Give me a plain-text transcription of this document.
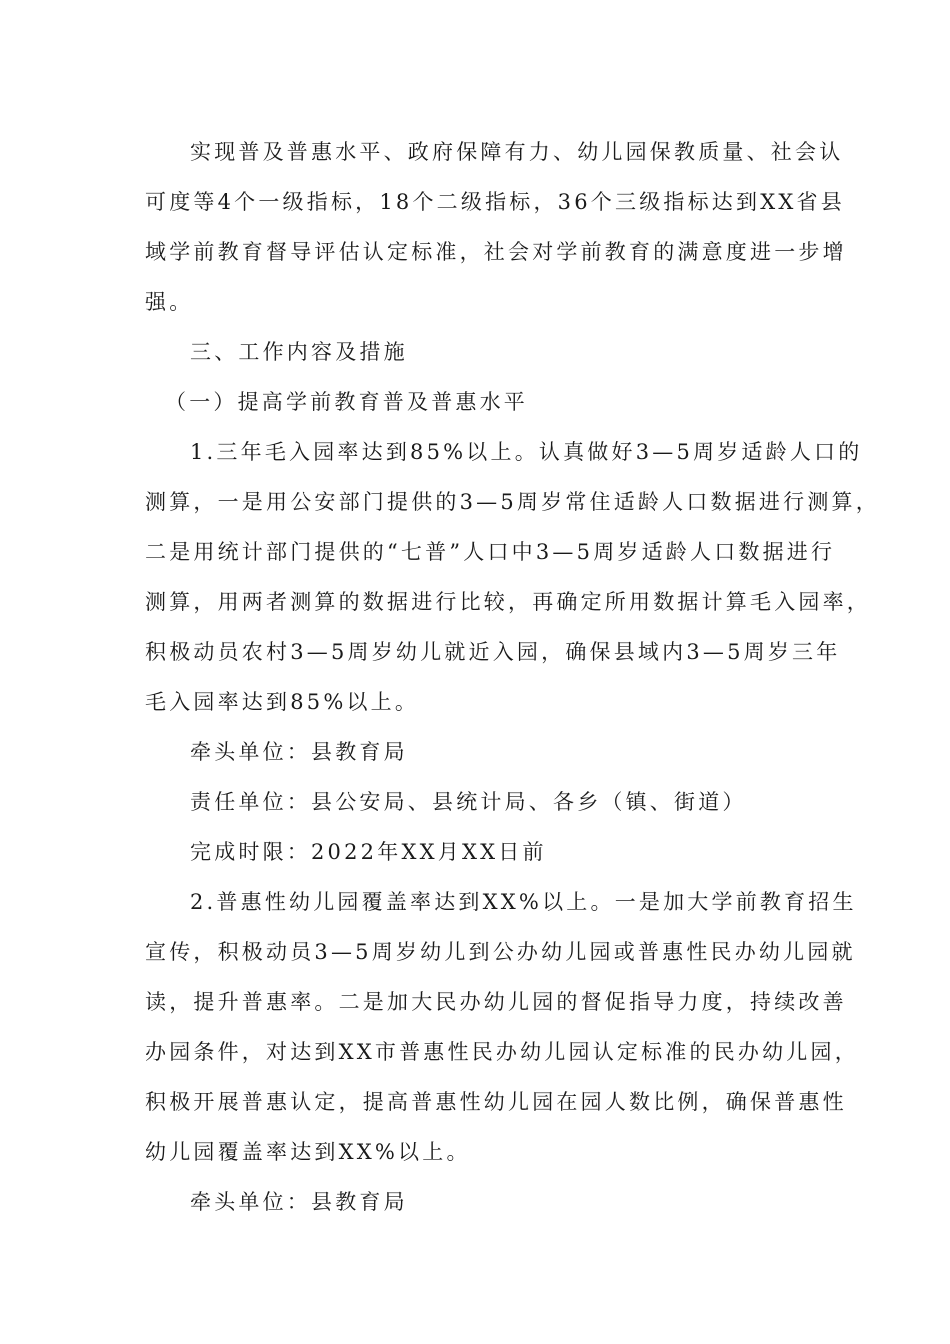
实现普及普惠水平、政府保障有力、幼儿园保教质量、社会认
可度等4个一级指标，18个二级指标，36个三级指标达到XX省县
域学前教育督导评估认定标准，社会对学前教育的满意度进一步增
强。
三、工作内容及措施
（一）提高学前教育普及普惠水平
1.三年毛入园率达到85%以上。认真做好3—5周岁适龄人口的
测算，一是用公安部门提供的3—5周岁常住适龄人口数据进行测算，
二是用统计部门提供的“七普”人口中3—5周岁适龄人口数据进行
测算，用两者测算的数据进行比较，再确定所用数据计算毛入园率，
积极动员农村3—5周岁幼儿就近入园，确保县域内3—5周岁三年
毛入园率达到85%以上。
牵头单位：县教育局
责任单位：县公安局、县统计局、各乡（镇、街道）
完成时限：2022年XX月XX日前
2.普惠性幼儿园覆盖率达到XX%以上。一是加大学前教育招生
宣传，积极动员3—5周岁幼儿到公办幼儿园或普惠性民办幼儿园就
读，提升普惠率。二是加大民办幼儿园的督促指导力度，持续改善
办园条件，对达到XX市普惠性民办幼儿园认定标准的民办幼儿园，
积极开展普惠认定，提高普惠性幼儿园在园人数比例，确保普惠性
幼儿园覆盖率达到XX%以上。
牵头单位：县教育局
